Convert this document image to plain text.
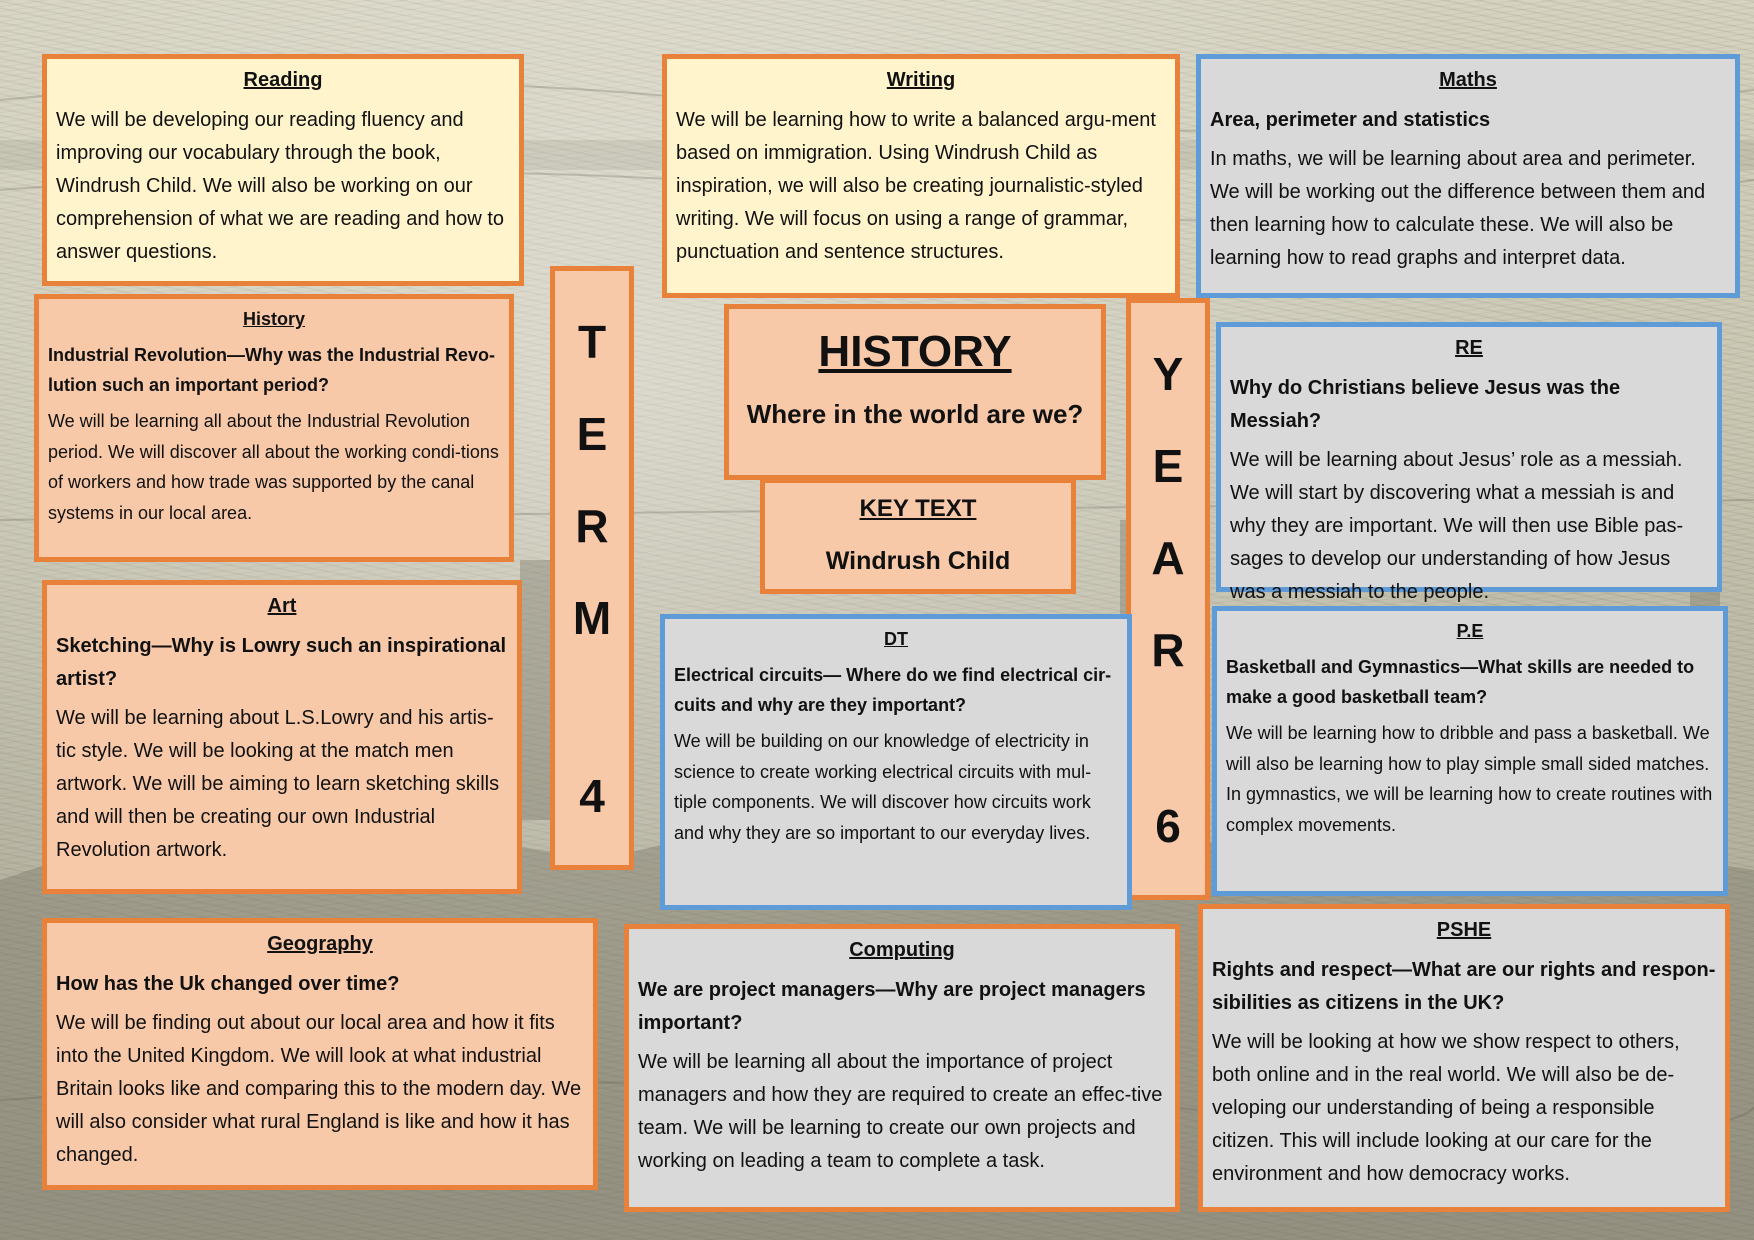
Reading

We will be developing our reading fluency and improving our vocabulary through the book, Windrush Child. We will also be working on our comprehension of what we are reading and how to answer questions.

Writing

We will be learning how to write a balanced argu-ment based on immigration. Using Windrush Child as inspiration, we will also be creating journalistic-styled writing. We will focus on using a range of grammar, punctuation and sentence structures.

Maths
Area, perimeter and statistics

In maths, we will be learning about area and perimeter. We will be working out the difference between them and then learning how to calculate these. We will also be learning how to read graphs and interpret data.

History
Industrial Revolution—Why was the Industrial Revo-lution such an important period?

We will be learning all about the Industrial Revolution period. We will discover all about the working condi-tions of workers and how trade was supported by the canal systems in our local area.

T
E
R
M
4
HISTORY
Where in the world are we?
KEY TEXT
Windrush Child
Y
E
A
R
6
RE
Why do Christians believe Jesus was the Messiah?

We will be learning about Jesus’ role as a messiah. We will start by discovering what a messiah is and why they are important. We will then use Bible pas-sages to develop our understanding of how Jesus was a messiah to the people.

Art
Sketching—Why is Lowry such an inspirational artist?

We will be learning about L.S.Lowry and his artis-tic style. We will be looking at the match men artwork. We will be aiming to learn sketching skills and will then be creating our own Industrial Revolution artwork.

DT
Electrical circuits— Where do we find electrical cir-cuits and why are they important?

We will be building on our knowledge of electricity in science to create working electrical circuits with mul-tiple components. We will discover how circuits work and why they are so important to our everyday lives.

P.E
Basketball and Gymnastics—What skills are needed to make a good basketball team?

We will be learning how to dribble and pass a basketball. We will also be learning how to play simple small sided matches. In gymnastics, we will be learning how to create routines with complex movements.

Geography
How has the Uk changed over time?

We will be finding out about our local area and how it fits into the United Kingdom. We will look at what industrial Britain looks like and comparing this to the modern day. We will also consider what rural England is like and how it has changed.

Computing
We are project managers—Why are project managers important?

We will be learning all about the importance of project managers and how they are required to create an effec-tive team. We will be learning to create our own projects and working on leading a team to complete a task.

PSHE
Rights and respect—What are our rights and respon-sibilities as citizens in the UK?

We will be looking at how we show respect to others, both online and in the real world. We will also be de-veloping our understanding of being a responsible citizen. This will include looking at our care for the environment and how democracy works.
